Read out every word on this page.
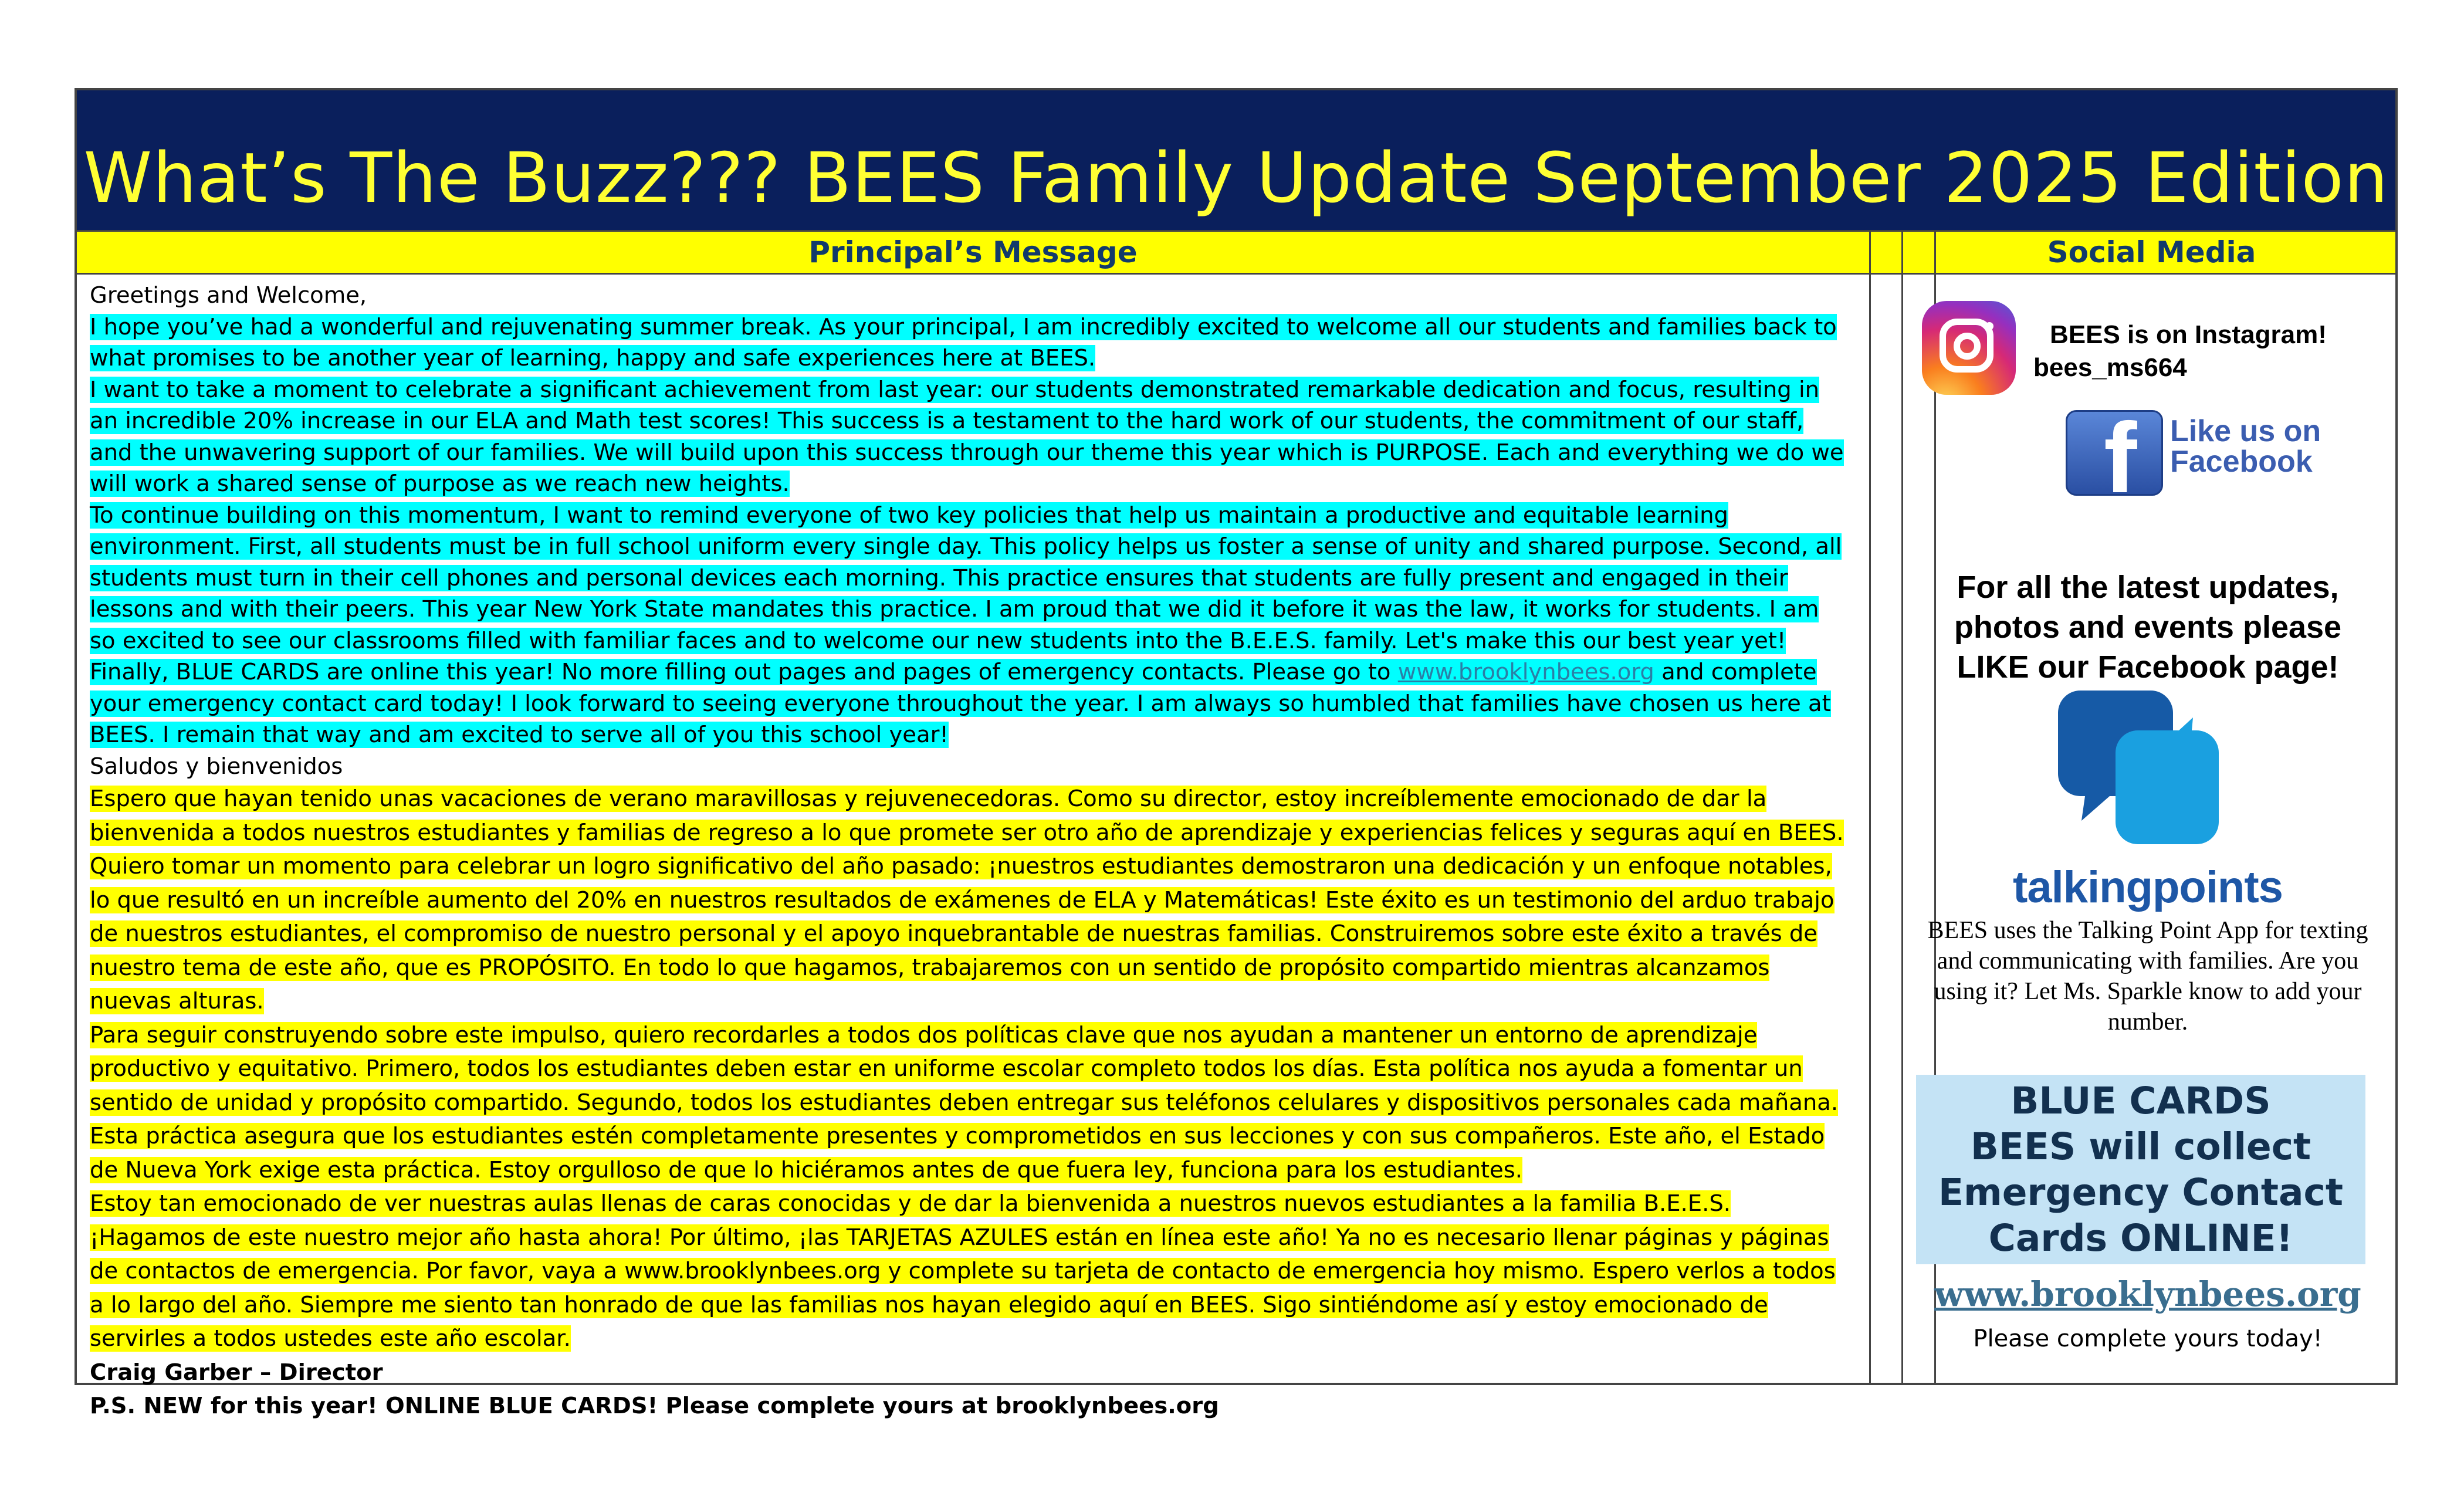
What’s The Buzz??? BEES Family Update September 2025 Edition
Principal’s Message	Social Media

Greetings and Welcome,

I hope you’ve had a wonderful and rejuvenating summer break. As your principal, I am incredibly excited to welcome all our students and families back to what promises to be another year of learning, happy and safe experiences here at BEES.

I want to take a moment to celebrate a significant achievement from last year: our students demonstrated remarkable dedication and focus, resulting in an incredible 20% increase in our ELA and Math test scores! This success is a testament to the hard work of our students, the commitment of our staff, and the unwavering support of our families. We will build upon this success through our theme this year which is PURPOSE. Each and everything we do we will work a shared sense of purpose as we reach new heights.

To continue building on this momentum, I want to remind everyone of two key policies that help us maintain a productive and equitable learning environment. First, all students must be in full school uniform every single day. This policy helps us foster a sense of unity and shared purpose. Second, all students must turn in their cell phones and personal devices each morning. This practice ensures that students are fully present and engaged in their lessons and with their peers. This year New York State mandates this practice. I am proud that we did it before it was the law, it works for students. I am so excited to see our classrooms filled with familiar faces and to welcome our new students into the B.E.E.S. family. Let's make this our best year yet! Finally, BLUE CARDS are online this year! No more filling out pages and pages of emergency contacts. Please go to www.brooklynbees.org and complete your emergency contact card today! I look forward to seeing everyone throughout the year. I am always so humbled that families have chosen us here at BEES. I remain that way and am excited to serve all of you this school year!

Saludos y bienvenidos

Espero que hayan tenido unas vacaciones de verano maravillosas y rejuvenecedoras. Como su director, estoy increíblemente emocionado de dar la bienvenida a todos nuestros estudiantes y familias de regreso a lo que promete ser otro año de aprendizaje y experiencias felices y seguras aquí en BEES.

Quiero tomar un momento para celebrar un logro significativo del año pasado: ¡nuestros estudiantes demostraron una dedicación y un enfoque notables, lo que resultó en un increíble aumento del 20% en nuestros resultados de exámenes de ELA y Matemáticas! Este éxito es un testimonio del arduo trabajo de nuestros estudiantes, el compromiso de nuestro personal y el apoyo inquebrantable de nuestras familias. Construiremos sobre este éxito a través de nuestro tema de este año, que es PROPÓSITO. En todo lo que hagamos, trabajaremos con un sentido de propósito compartido mientras alcanzamos nuevas alturas.

Para seguir construyendo sobre este impulso, quiero recordarles a todos dos políticas clave que nos ayudan a mantener un entorno de aprendizaje productivo y equitativo. Primero, todos los estudiantes deben estar en uniforme escolar completo todos los días. Esta política nos ayuda a fomentar un sentido de unidad y propósito compartido. Segundo, todos los estudiantes deben entregar sus teléfonos celulares y dispositivos personales cada mañana. Esta práctica asegura que los estudiantes estén completamente presentes y comprometidos en sus lecciones y con sus compañeros. Este año, el Estado de Nueva York exige esta práctica. Estoy orgulloso de que lo hiciéramos antes de que fuera ley, funciona para los estudiantes.

Estoy tan emocionado de ver nuestras aulas llenas de caras conocidas y de dar la bienvenida a nuestros nuevos estudiantes a la familia B.E.E.S. ¡Hagamos de este nuestro mejor año hasta ahora! Por último, ¡las TARJETAS AZULES están en línea este año! Ya no es necesario llenar páginas y páginas de contactos de emergencia. Por favor, vaya a www.brooklynbees.org y complete su tarjeta de contacto de emergencia hoy mismo. Espero verlos a todos a lo largo del año. Siempre me siento tan honrado de que las familias nos hayan elegido aquí en BEES. Sigo sintiéndome así y estoy emocionado de servirles a todos ustedes este año escolar.

Craig Garber – Director

P.S. NEW for this year! ONLINE BLUE CARDS! Please complete yours at brooklynbees.org

BEES is on Instagram!
bees_ms664
f Like us on
Facebook
For all the latest updates, photos and events please LIKE our Facebook page!
talkingpoints
BEES uses the Talking Point App for texting and communicating with families. Are you using it? Let Ms. Sparkle know to add your number.
BLUE CARDS
BEES will collect
Emergency Contact
Cards ONLINE!
www.brooklynbees.org
Please complete yours today!
